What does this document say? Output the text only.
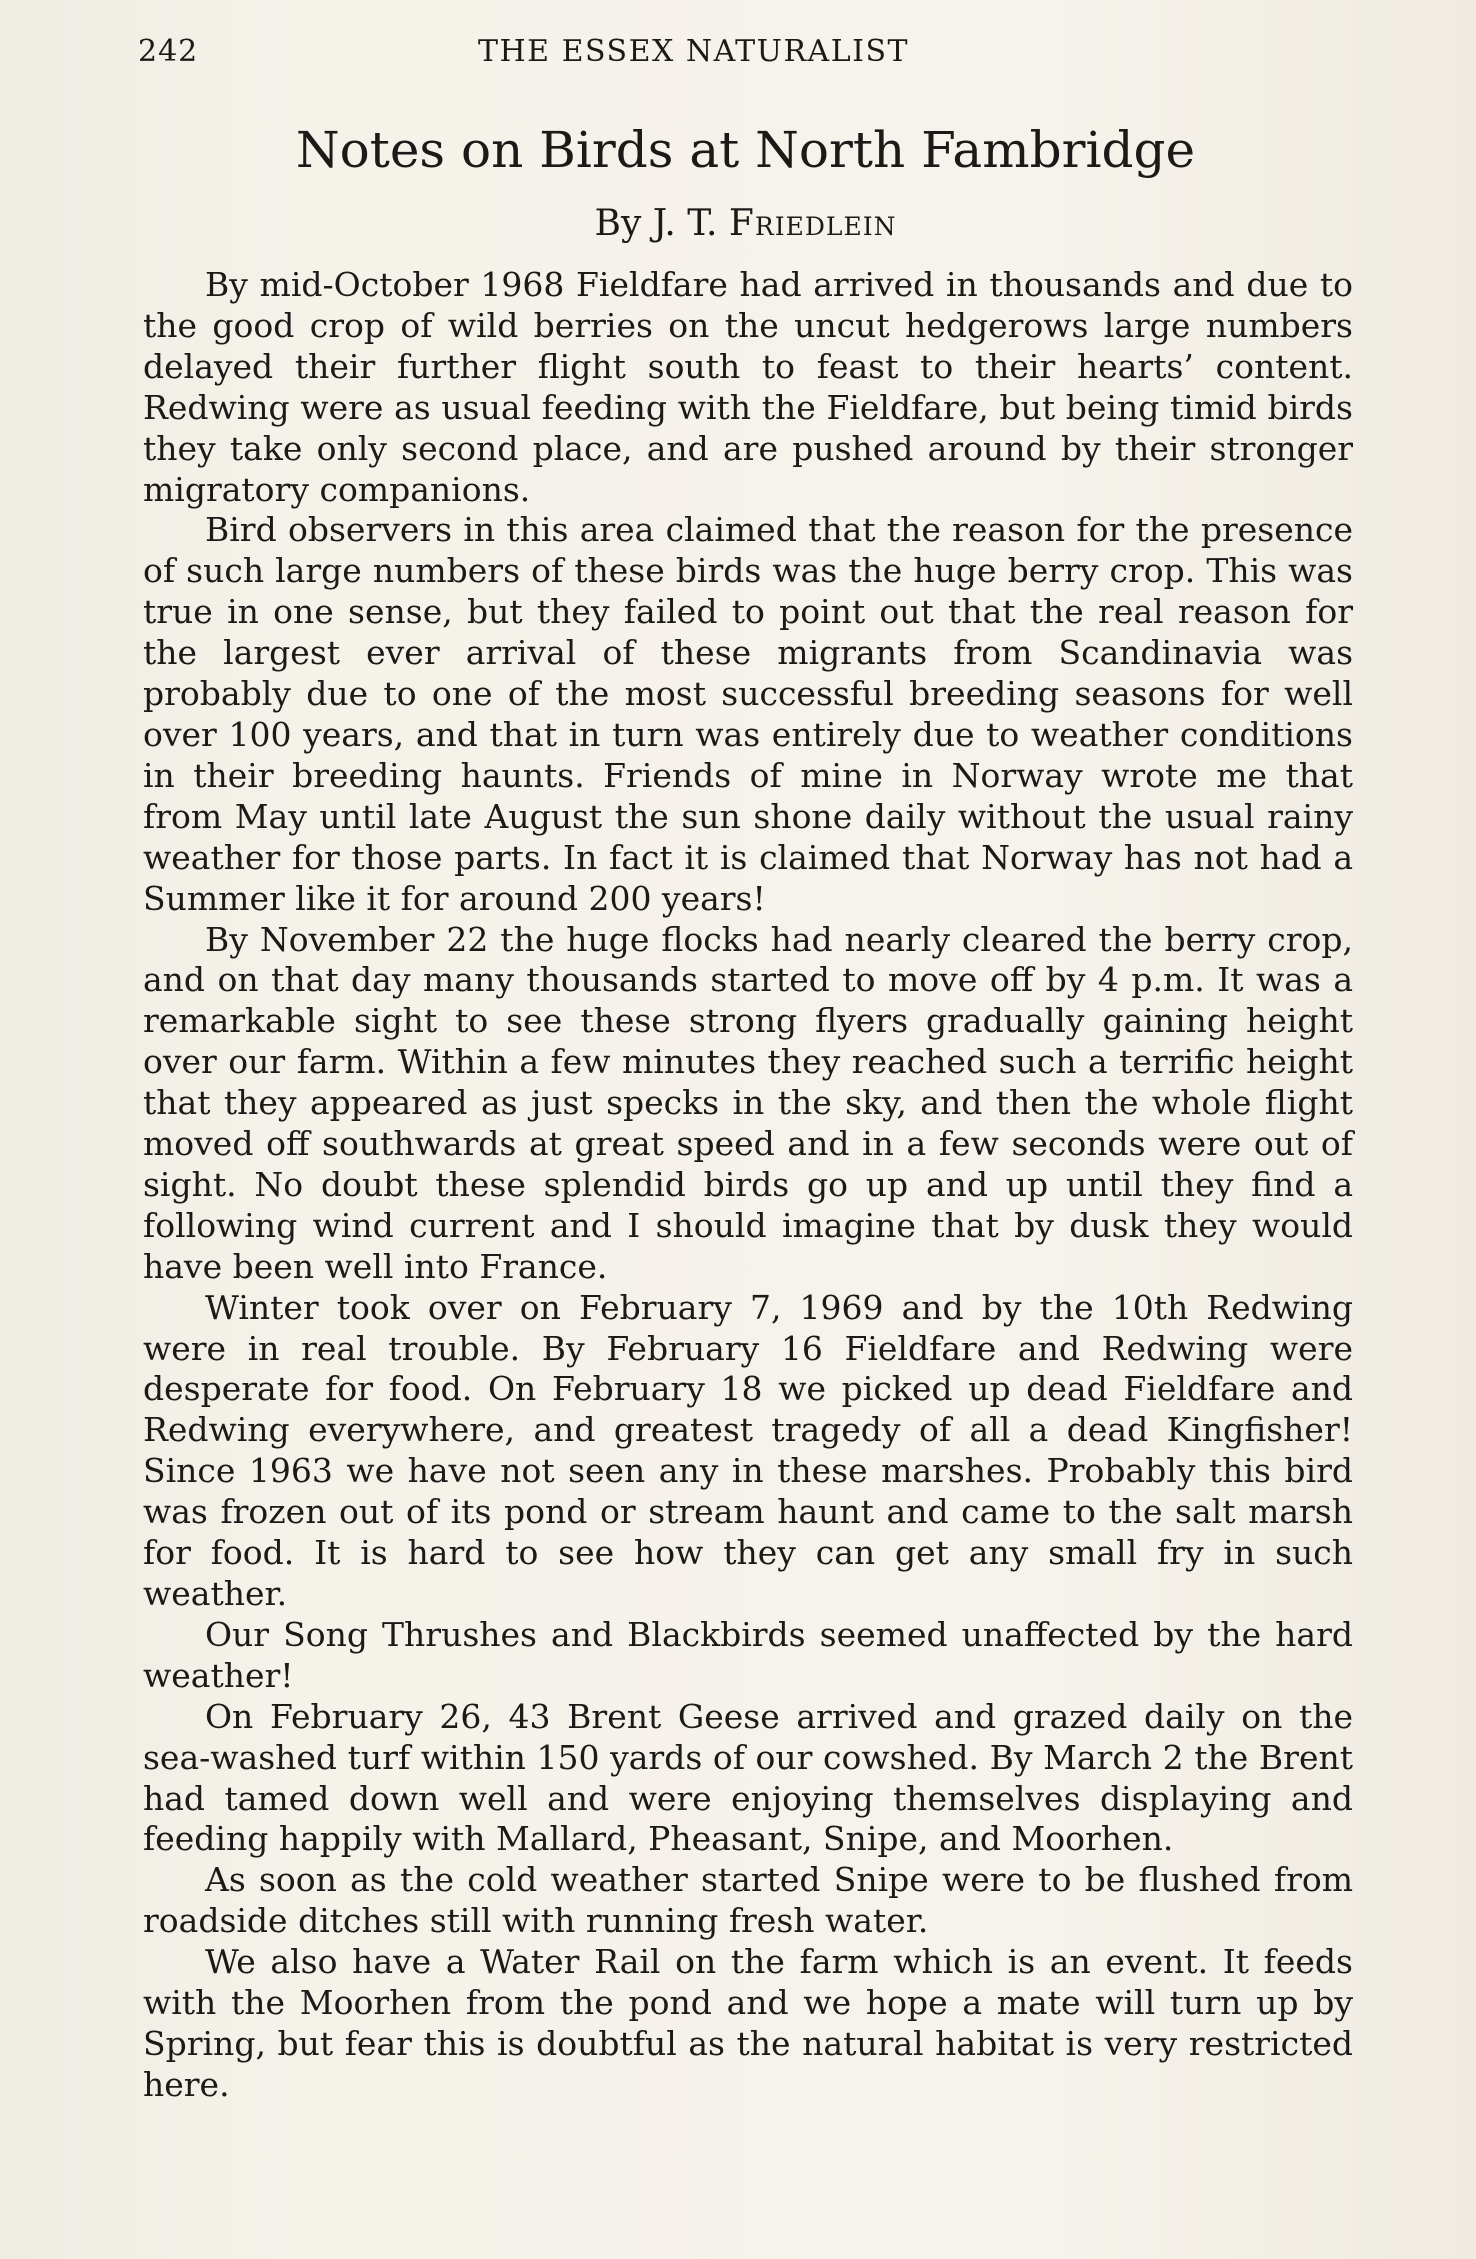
242	THE ESSEX NATURALIST
Notes on Birds at North Fambridge
By J. T. Friedlein

By mid-October 1968 Fieldfare had arrived in thousands and due to the good crop of wild berries on the uncut hedgerows large numbers delayed their further flight south to feast to their hearts’ content. Redwing were as usual feeding with the Fieldfare, but being timid birds they take only second place, and are pushed around by their stronger migratory companions.

Bird observers in this area claimed that the reason for the presence of such large numbers of these birds was the huge berry crop. This was true in one sense, but they failed to point out that the real reason for the largest ever arrival of these migrants from Scandinavia was probably due to one of the most successful breeding seasons for well over 100 years, and that in turn was entirely due to weather conditions in their breeding haunts. Friends of mine in Norway wrote me that from May until late August the sun shone daily without the usual rainy weather for those parts. In fact it is claimed that Norway has not had a Summer like it for around 200 years!

By November 22 the huge flocks had nearly cleared the berry crop, and on that day many thousands started to move off by 4 p.m. It was a remarkable sight to see these strong flyers gradually gaining height over our farm. Within a few minutes they reached such a terrific height that they appeared as just specks in the sky, and then the whole flight moved off southwards at great speed and in a few seconds were out of sight. No doubt these splendid birds go up and up until they find a following wind current and I should imagine that by dusk they would have been well into France.

Winter took over on February 7, 1969 and by the 10th Redwing were in real trouble. By February 16 Fieldfare and Redwing were desperate for food. On February 18 we picked up dead Fieldfare and Redwing everywhere, and greatest tragedy of all a dead Kingfisher! Since 1963 we have not seen any in these marshes. Probably this bird was frozen out of its pond or stream haunt and came to the salt marsh for food. It is hard to see how they can get any small fry in such weather.

Our Song Thrushes and Blackbirds seemed unaffected by the hard weather!

On February 26, 43 Brent Geese arrived and grazed daily on the sea-washed turf within 150 yards of our cowshed. By March 2 the Brent had tamed down well and were enjoying themselves displaying and feeding happily with Mallard, Pheasant, Snipe, and Moorhen.

As soon as the cold weather started Snipe were to be flushed from roadside ditches still with running fresh water.

We also have a Water Rail on the farm which is an event. It feeds with the Moorhen from the pond and we hope a mate will turn up by Spring, but fear this is doubtful as the natural habitat is very restricted here.
